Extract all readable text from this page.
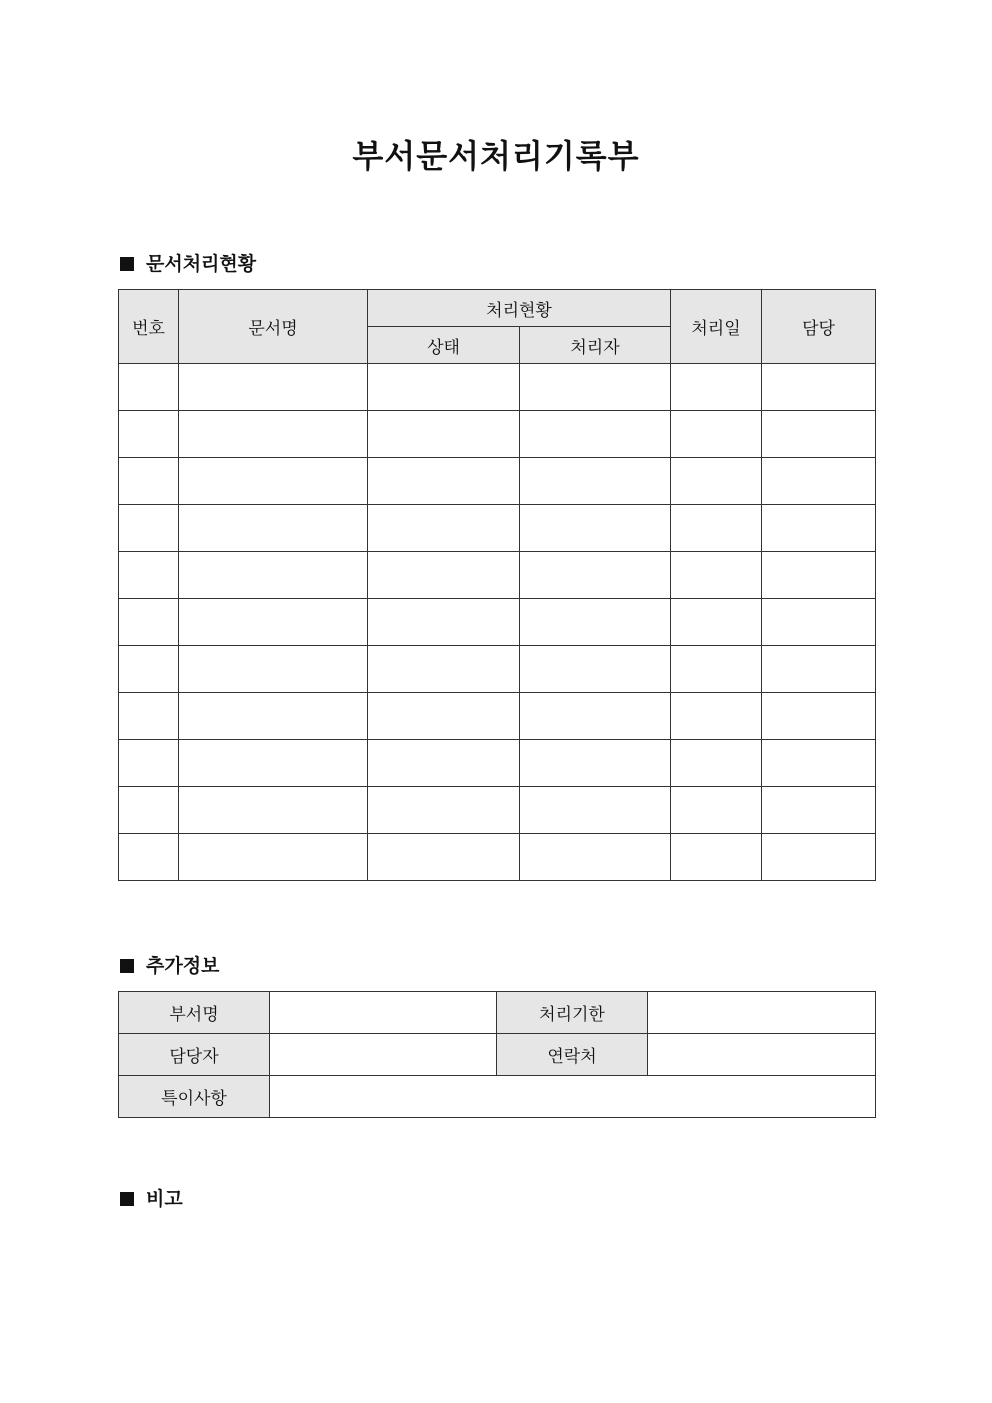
부서문서처리기록부
문서처리현황
번호	문서명	처리현황		처리일	담당
		상태	처리자		

추가정보
부서명		처리기한	
담당자		연락처	
특이사항			
비고
